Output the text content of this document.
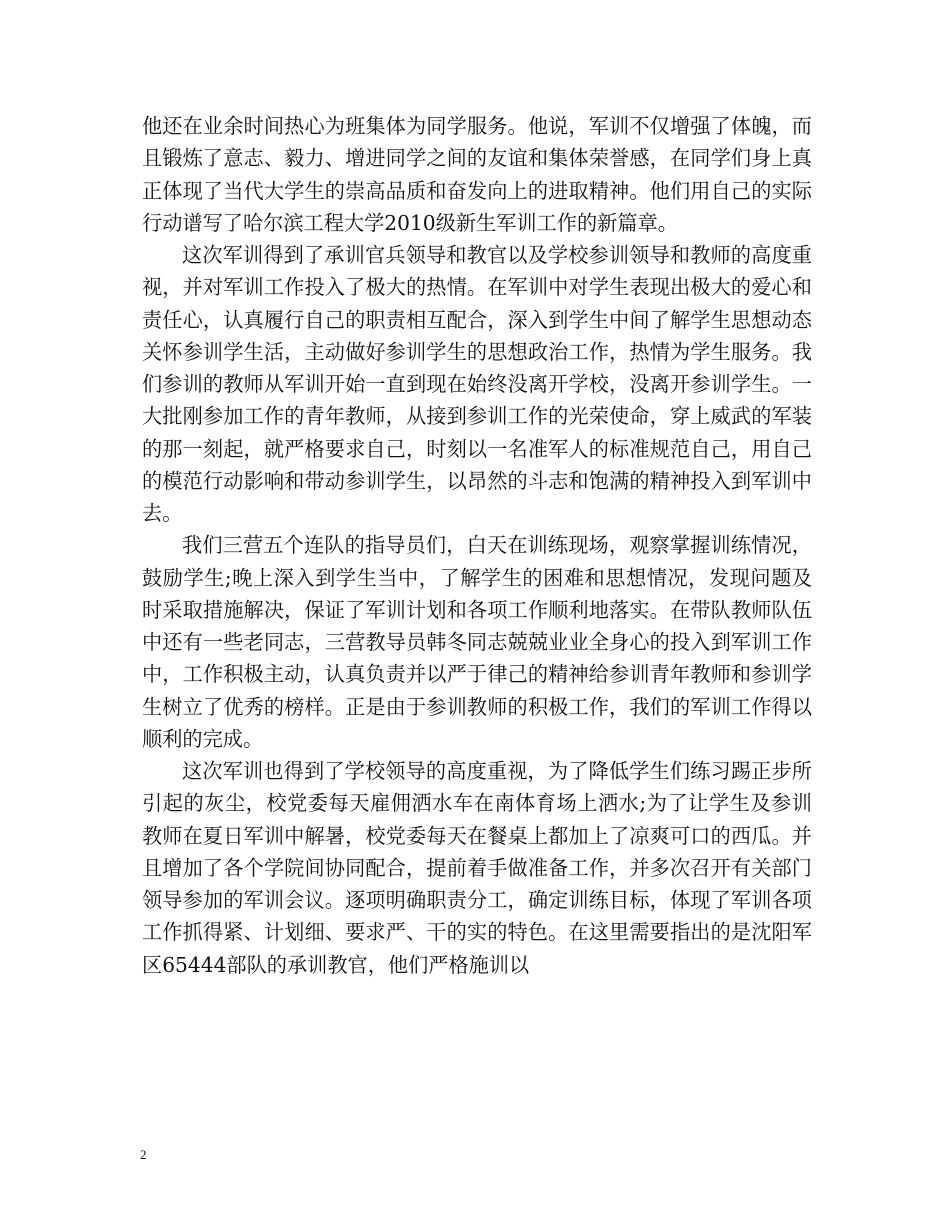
他还在业余时间热心为班集体为同学服务。他说，军训不仅增强了体魄，而且锻炼了意志、毅力、增进同学之间的友谊和集体荣誉感，在同学们身上真正体现了当代大学生的崇高品质和奋发向上的进取精神。他们用自己的实际行动谱写了哈尔滨工程大学2010级新生军训工作的新篇章。

这次军训得到了承训官兵领导和教官以及学校参训领导和教师的高度重视，并对军训工作投入了极大的热情。在军训中对学生表现出极大的爱心和责任心，认真履行自己的职责相互配合，深入到学生中间了解学生思想动态关怀参训学生活，主动做好参训学生的思想政治工作，热情为学生服务。我们参训的教师从军训开始一直到现在始终没离开学校，没离开参训学生。一大批刚参加工作的青年教师，从接到参训工作的光荣使命，穿上威武的军装的那一刻起，就严格要求自己，时刻以一名准军人的标准规范自己，用自己的模范行动影响和带动参训学生，以昂然的斗志和饱满的精神投入到军训中去。

我们三营五个连队的指导员们，白天在训练现场，观察掌握训练情况，鼓励学生;晚上深入到学生当中，了解学生的困难和思想情况，发现问题及时采取措施解决，保证了军训计划和各项工作顺利地落实。在带队教师队伍中还有一些老同志，三营教导员韩冬同志兢兢业业全身心的投入到军训工作中，工作积极主动，认真负责并以严于律己的精神给参训青年教师和参训学生树立了优秀的榜样。正是由于参训教师的积极工作，我们的军训工作得以顺利的完成。

这次军训也得到了学校领导的高度重视，为了降低学生们练习踢正步所引起的灰尘，校党委每天雇佣洒水车在南体育场上洒水;为了让学生及参训教师在夏日军训中解暑，校党委每天在餐桌上都加上了凉爽可口的西瓜。并且增加了各个学院间协同配合，提前着手做准备工作，并多次召开有关部门领导参加的军训会议。逐项明确职责分工，确定训练目标，体现了军训各项工作抓得紧、计划细、要求严、干的实的特色。在这里需要指出的是沈阳军区65444部队的承训教官，他们严格施训以

2
